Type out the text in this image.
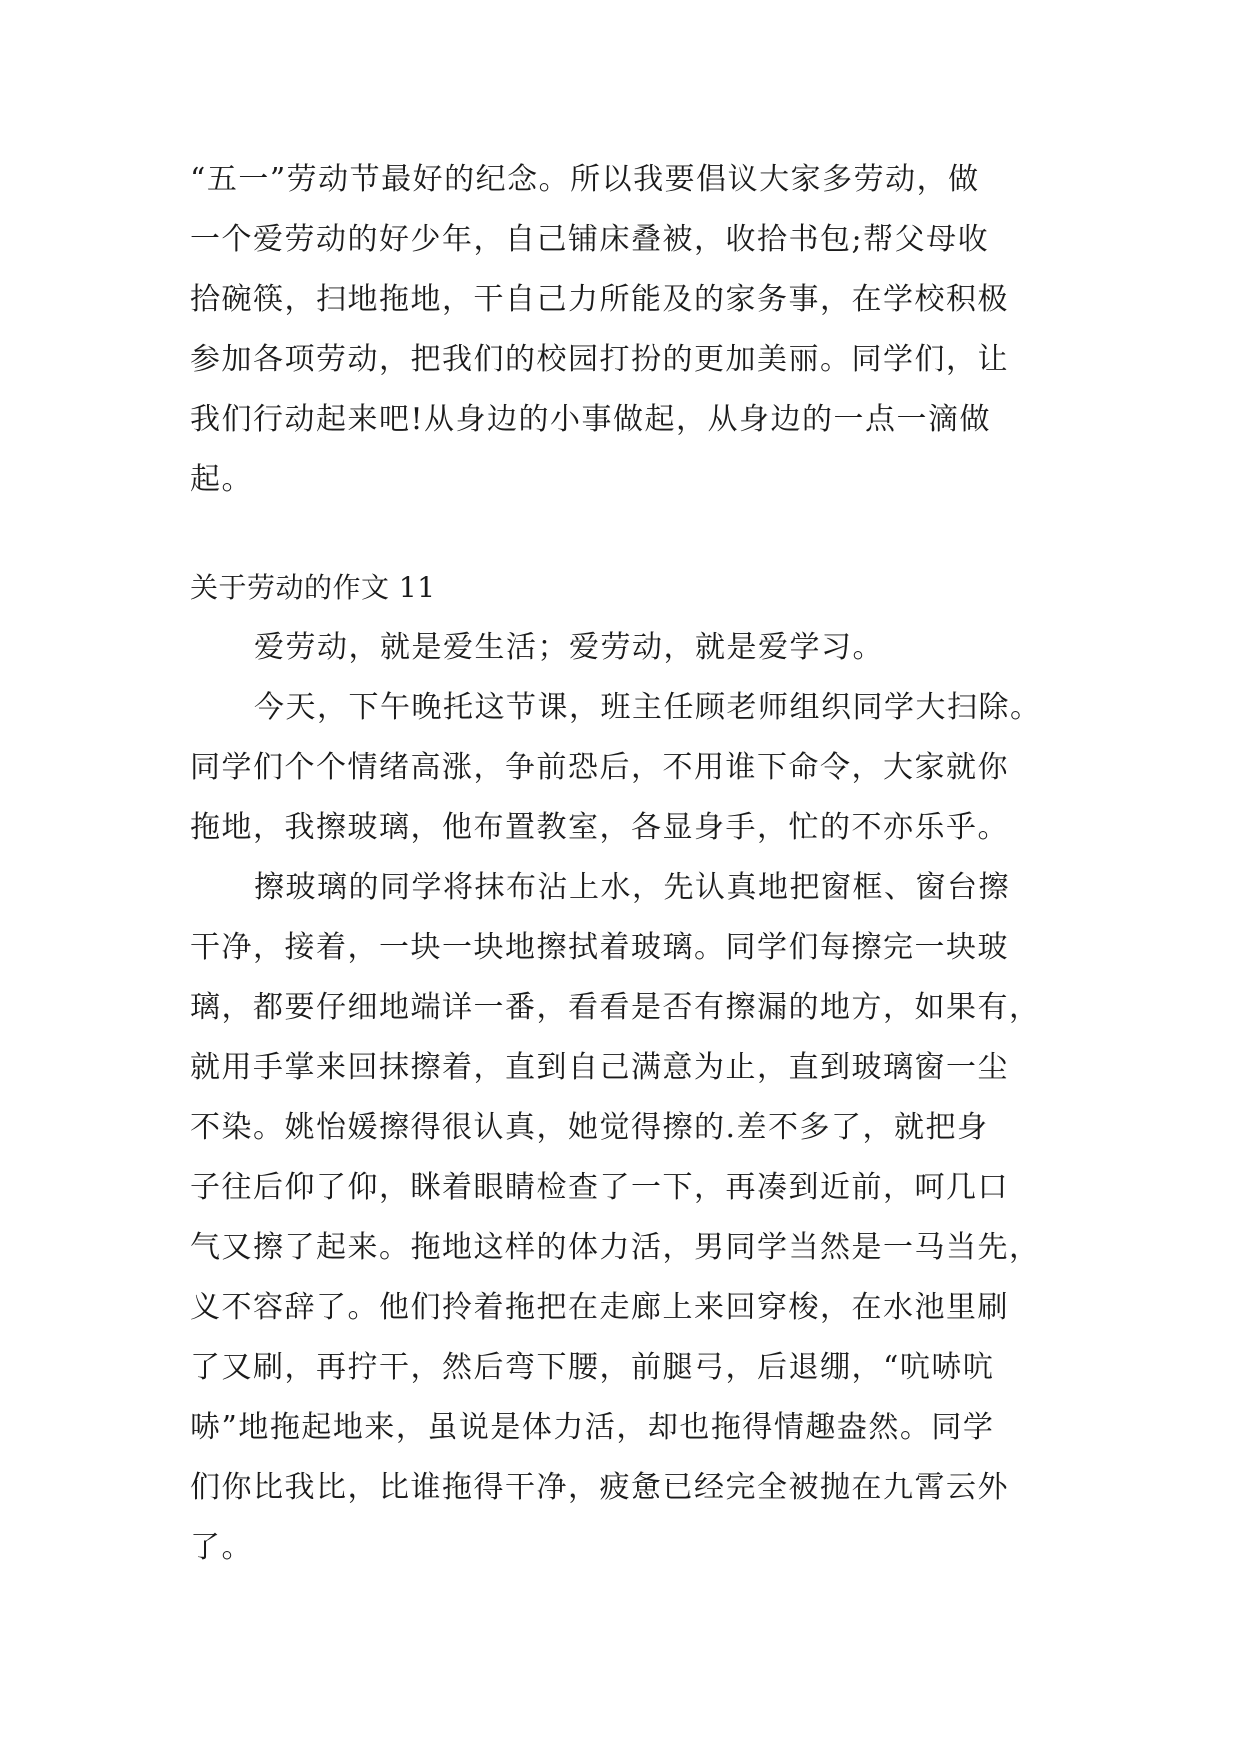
“五一”劳动节最好的纪念。所以我要倡议大家多劳动，做
一个爱劳动的好少年，自己铺床叠被，收拾书包;帮父母收
拾碗筷，扫地拖地，干自己力所能及的家务事，在学校积极
参加各项劳动，把我们的校园打扮的更加美丽。同学们，让
我们行动起来吧!从身边的小事做起，从身边的一点一滴做
起。
关于劳动的作文 11
爱劳动，就是爱生活；爱劳动，就是爱学习。
今天，下午晚托这节课，班主任顾老师组织同学大扫除。
同学们个个情绪高涨，争前恐后，不用谁下命令，大家就你
拖地，我擦玻璃，他布置教室，各显身手，忙的不亦乐乎。
擦玻璃的同学将抹布沾上水，先认真地把窗框、窗台擦
干净，接着，一块一块地擦拭着玻璃。同学们每擦完一块玻
璃，都要仔细地端详一番，看看是否有擦漏的地方，如果有，
就用手掌来回抹擦着，直到自己满意为止，直到玻璃窗一尘
不染。姚怡媛擦得很认真，她觉得擦的.差不多了，就把身
子往后仰了仰，眯着眼睛检查了一下，再凑到近前，呵几口
气又擦了起来。拖地这样的体力活，男同学当然是一马当先，
义不容辞了。他们拎着拖把在走廊上来回穿梭，在水池里刷
了又刷，再拧干，然后弯下腰，前腿弓，后退绷，“吭哧吭
哧”地拖起地来，虽说是体力活，却也拖得情趣盎然。同学
们你比我比，比谁拖得干净，疲惫已经完全被抛在九霄云外
了。
